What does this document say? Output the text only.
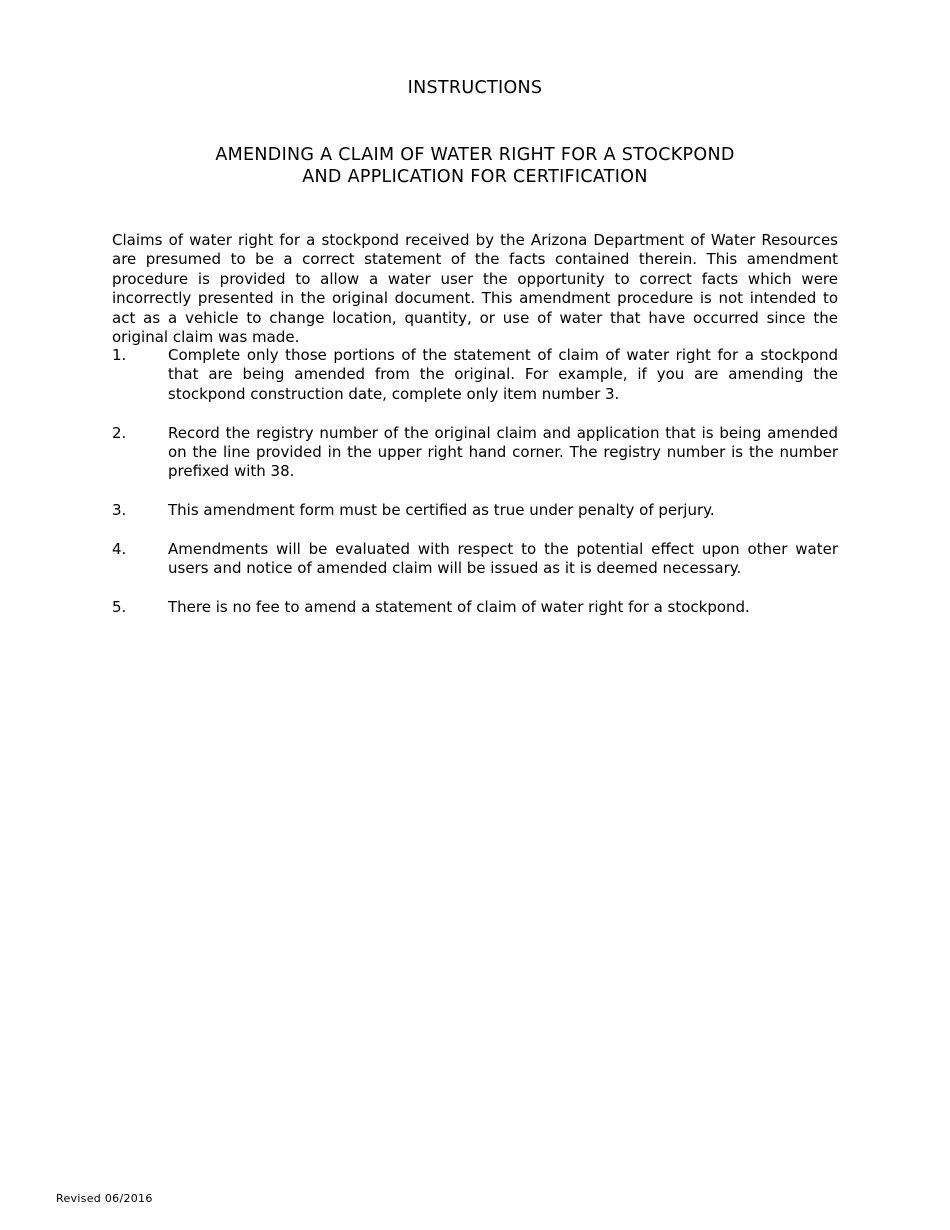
INSTRUCTIONS
AMENDING A CLAIM OF WATER RIGHT FOR A STOCKPOND
AND APPLICATION FOR CERTIFICATION

Claims of water right for a stockpond received by the Arizona Department of Water Resources are presumed to be a correct statement of the facts contained therein. This amendment procedure is provided to allow a water user the opportunity to correct facts which were incorrectly presented in the original document. This amendment procedure is not intended to act as a vehicle to change location, quantity, or use of water that have occurred since the original claim was made.

1.	Complete only those portions of the statement of claim of water right for a stockpond that are being amended from the original. For example, if you are amending the stockpond construction date, complete only item number 3.
2.	Record the registry number of the original claim and application that is being amended on the line provided in the upper right hand corner. The registry number is the number prefixed with 38.
3.	This amendment form must be certified as true under penalty of perjury.
4.	Amendments will be evaluated with respect to the potential effect upon other water users and notice of amended claim will be issued as it is deemed necessary.
5.	There is no fee to amend a statement of claim of water right for a stockpond.
Revised 06/2016
